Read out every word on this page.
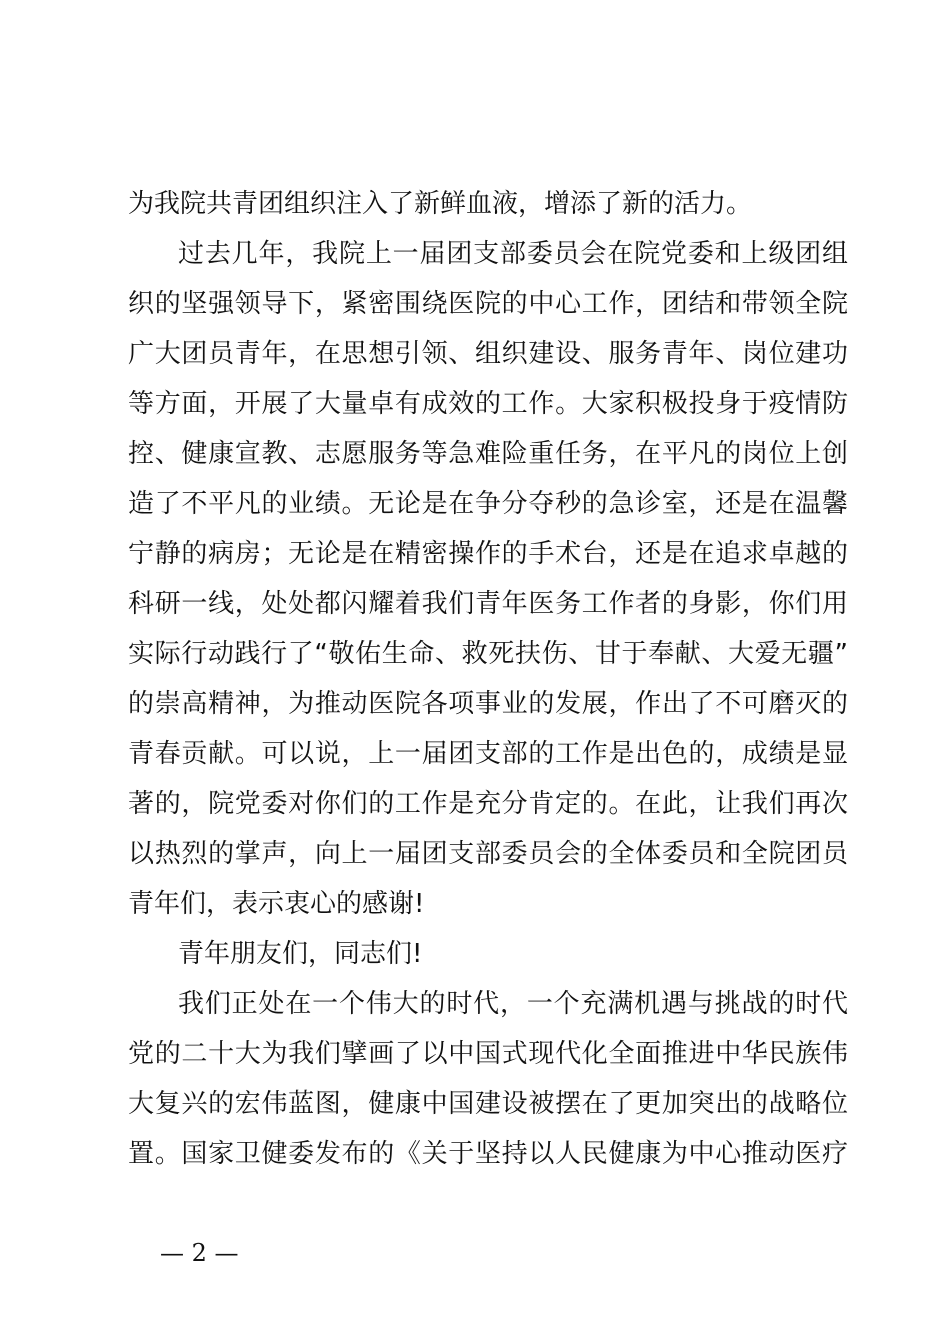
为我院共青团组织注入了新鲜血液，增添了新的活力。
过去几年，我院上一届团支部委员会在院党委和上级团组
织的坚强领导下，紧密围绕医院的中心工作，团结和带领全院
广大团员青年，在思想引领、组织建设、服务青年、岗位建功
等方面，开展了大量卓有成效的工作。大家积极投身于疫情防
控、健康宣教、志愿服务等急难险重任务，在平凡的岗位上创
造了不平凡的业绩。无论是在争分夺秒的急诊室，还是在温馨
宁静的病房；无论是在精密操作的手术台，还是在追求卓越的
科研一线，处处都闪耀着我们青年医务工作者的身影，你们用
实际行动践行了“敬佑生命、救死扶伤、甘于奉献、大爱无疆”
的崇高精神，为推动医院各项事业的发展，作出了不可磨灭的
青春贡献。可以说，上一届团支部的工作是出色的，成绩是显
著的，院党委对你们的工作是充分肯定的。在此，让我们再次
以热烈的掌声，向上一届团支部委员会的全体委员和全院团员
青年们，表示衷心的感谢!
青年朋友们，同志们!
我们正处在一个伟大的时代，一个充满机遇与挑战的时代
党的二十大为我们擘画了以中国式现代化全面推进中华民族伟
大复兴的宏伟蓝图，健康中国建设被摆在了更加突出的战略位
置。国家卫健委发布的《关于坚持以人民健康为中心推动医疗
— 2 —
